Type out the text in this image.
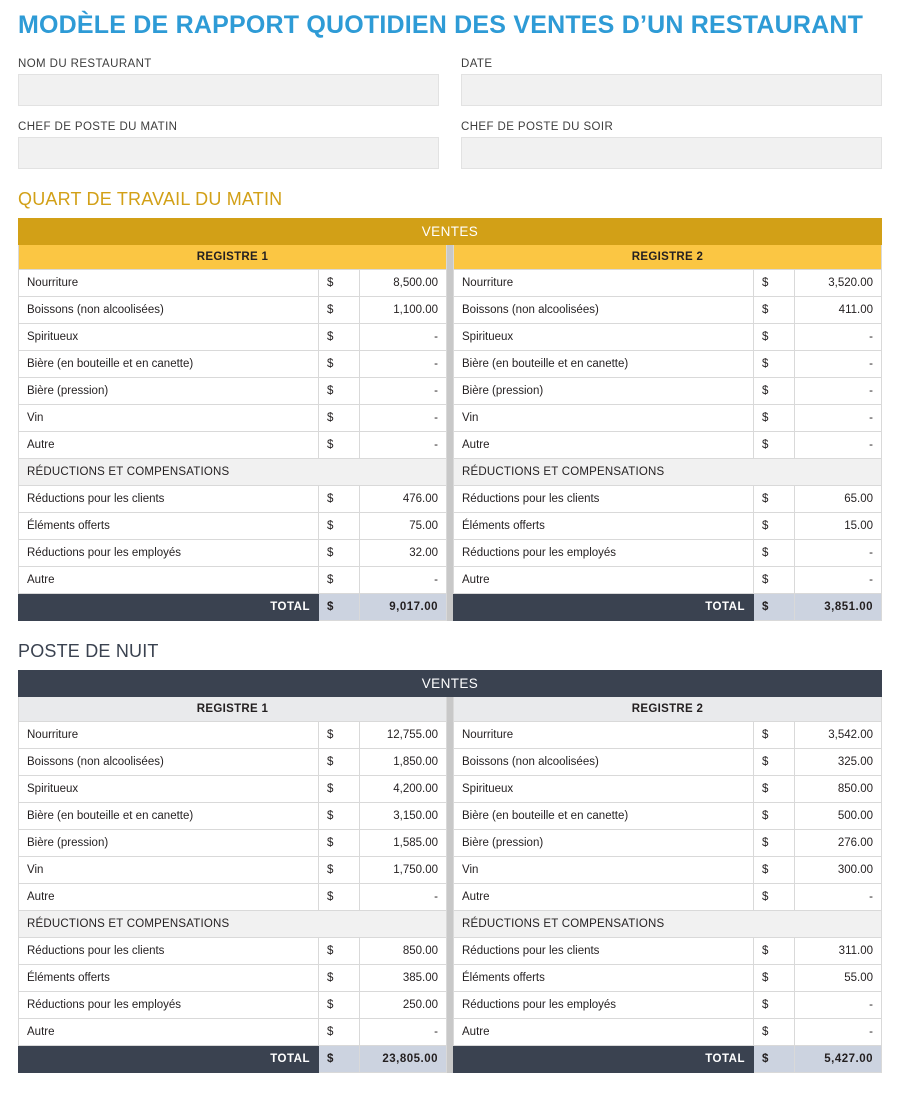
MODÈLE DE RAPPORT QUOTIDIEN DES VENTES D’UN RESTAURANT
NOM DU RESTAURANT	DATE
CHEF DE POSTE DU MATIN	CHEF DE POSTE DU SOIR
QUART DE TRAVAIL DU MATIN
VENTES
REGISTRE 1
Nourriture	$	8,500.00
Boissons (non alcoolisées)	$	1,100.00
Spiritueux	$	-
Bière (en bouteille et en canette)	$	-
Bière (pression)	$	-
Vin	$	-
Autre	$	-
RÉDUCTIONS ET COMPENSATIONS		
Réductions pour les clients	$	476.00
Éléments offerts	$	75.00
Réductions pour les employés	$	32.00
Autre	$	-
TOTAL	$	9,017.00
REGISTRE 2
Nourriture	$	3,520.00
Boissons (non alcoolisées)	$	411.00
Spiritueux	$	-
Bière (en bouteille et en canette)	$	-
Bière (pression)	$	-
Vin	$	-
Autre	$	-
RÉDUCTIONS ET COMPENSATIONS		
Réductions pour les clients	$	65.00
Éléments offerts	$	15.00
Réductions pour les employés	$	-
Autre	$	-
TOTAL	$	3,851.00
POSTE DE NUIT
VENTES
REGISTRE 1
Nourriture	$	12,755.00
Boissons (non alcoolisées)	$	1,850.00
Spiritueux	$	4,200.00
Bière (en bouteille et en canette)	$	3,150.00
Bière (pression)	$	1,585.00
Vin	$	1,750.00
Autre	$	-
RÉDUCTIONS ET COMPENSATIONS		
Réductions pour les clients	$	850.00
Éléments offerts	$	385.00
Réductions pour les employés	$	250.00
Autre	$	-
TOTAL	$	23,805.00
REGISTRE 2
Nourriture	$	3,542.00
Boissons (non alcoolisées)	$	325.00
Spiritueux	$	850.00
Bière (en bouteille et en canette)	$	500.00
Bière (pression)	$	276.00
Vin	$	300.00
Autre	$	-
RÉDUCTIONS ET COMPENSATIONS		
Réductions pour les clients	$	311.00
Éléments offerts	$	55.00
Réductions pour les employés	$	-
Autre	$	-
TOTAL	$	5,427.00
